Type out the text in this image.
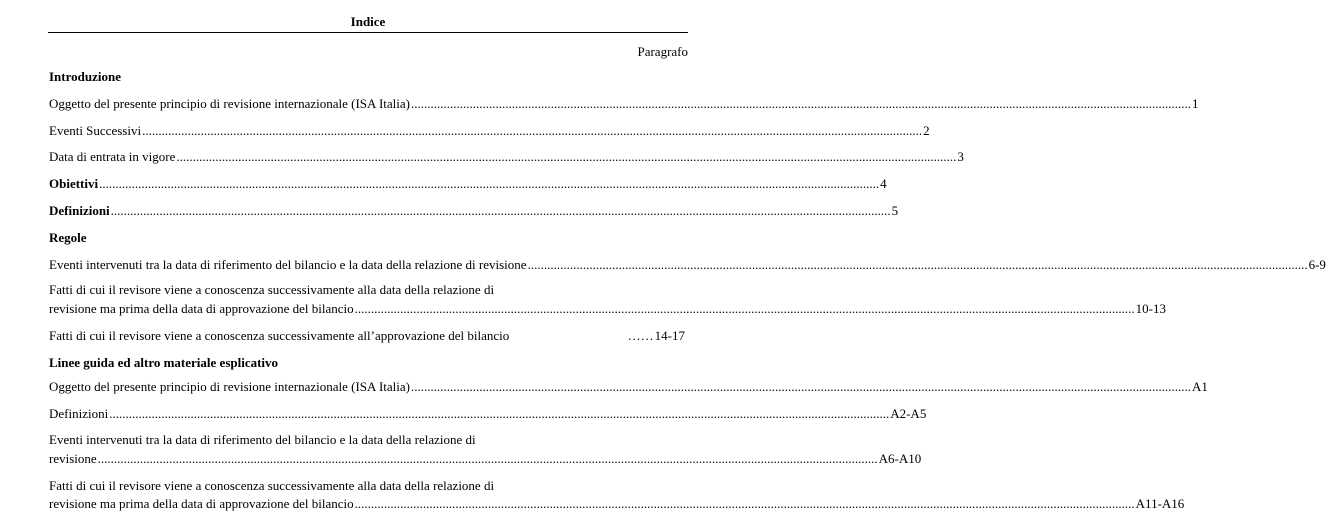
Indice
Paragrafo
Introduzione
Oggetto del presente principio di revisione internazionale (ISA Italia) ................................................................................................................................................................................................................................................ 1
Eventi Successivi ................................................................................................................................................................................................................................................ 2
Data di entrata in vigore ................................................................................................................................................................................................................................................ 3
Obiettivi ................................................................................................................................................................................................................................................ 4
Definizioni ................................................................................................................................................................................................................................................ 5
Regole
Eventi intervenuti tra la data di riferimento del bilancio e la data della relazione di revisione ................................................................................................................................................................................................................................................ 6-9
Fatti di cui il revisore viene a conoscenza successivamente alla data della relazione di
revisione ma prima della data di approvazione del bilancio ................................................................................................................................................................................................................................................ 10-13
Fatti di cui il revisore viene a conoscenza successivamente all’approvazione del bilancio	…… 14-17
Linee guida ed altro materiale esplicativo
Oggetto del presente principio di revisione internazionale (ISA Italia) ................................................................................................................................................................................................................................................ A1
Definizioni ................................................................................................................................................................................................................................................ A2-A5
Eventi intervenuti tra la data di riferimento del bilancio e la data della relazione di
revisione ................................................................................................................................................................................................................................................ A6-A10
Fatti di cui il revisore viene a conoscenza successivamente alla data della relazione di
revisione ma prima della data di approvazione del bilancio ................................................................................................................................................................................................................................................ A11-A16
